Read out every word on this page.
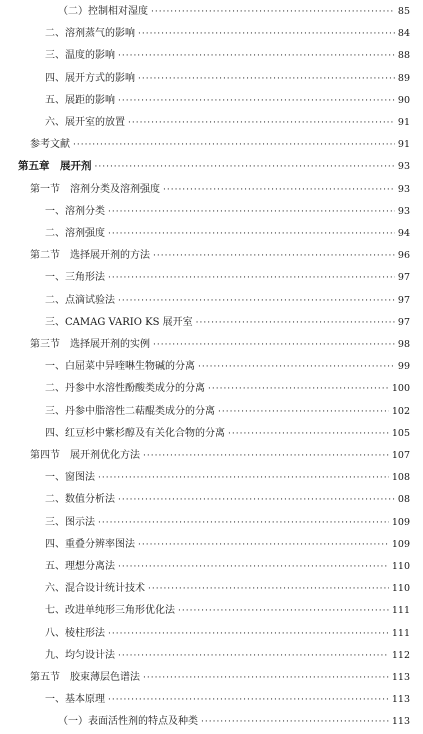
（二）控制相对湿度 ·····	85
二、溶剂蒸气的影响 ·····	84
三、温度的影响 ·····	88
四、展开方式的影响 ·····	89
五、展距的影响 ·····	90
六、展开室的放置 ·····	91
参考文献 ·····	91
第五章　展开剂 ·····	93
第一节　溶剂分类及溶剂强度 ·····	93
一、溶剂分类 ·····	93
二、溶剂强度 ·····	94
第二节　选择展开剂的方法 ·····	96
一、三角形法 ·····	97
二、点滴试验法 ·····	97
三、CAMAG VARIO KS 展开室 ·····	97
第三节　选择展开剂的实例 ·····	98
一、白屈菜中异喹啉生物碱的分离 ·····	99
二、丹参中水溶性酚酸类成分的分离 ·····	100
三、丹参中脂溶性二萜醌类成分的分离 ·····	102
四、红豆杉中紫杉醇及有关化合物的分离 ·····	105
第四节　展开剂优化方法 ·····	107
一、窗图法 ·····	108
二、数值分析法 ·····	08
三、图示法 ·····	109
四、重叠分辨率图法 ·····	109
五、理想分离法 ·····	110
六、混合设计统计技术 ·····	110
七、改进单纯形三角形优化法 ·····	111
八、棱柱形法 ·····	111
九、均匀设计法 ·····	112
第五节　胶束薄层色谱法 ·····	113
一、基本原理 ·····	113
（一）表面活性剂的特点及种类 ·····	113
